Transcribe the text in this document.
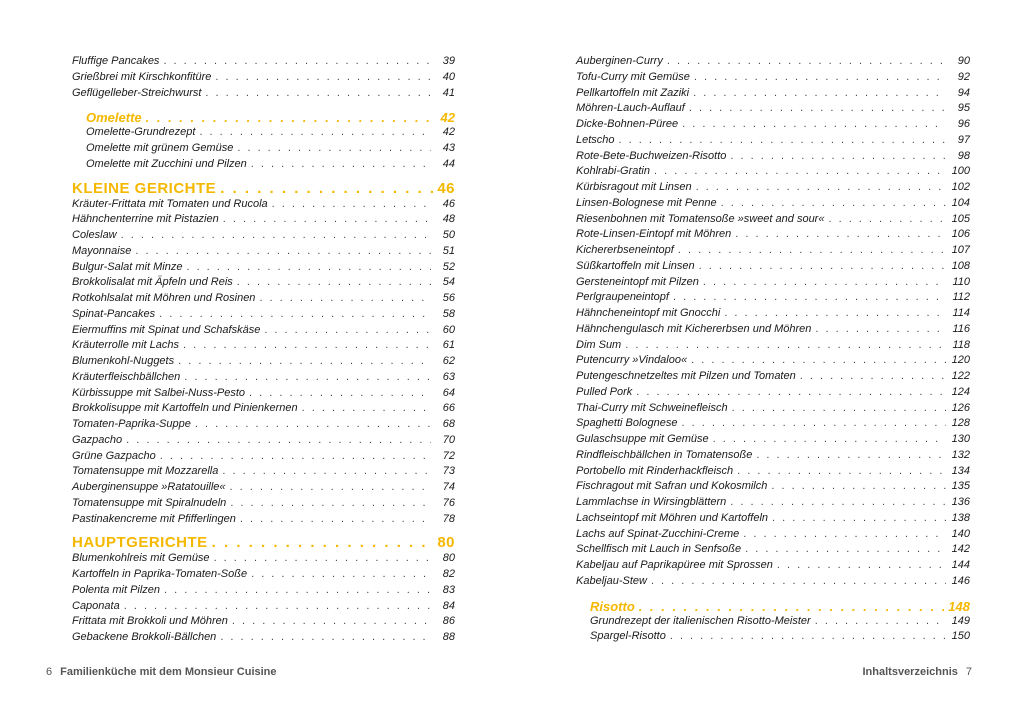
Fluffige Pancakes . . .	39
Grießbrei mit Kirschkonfitüre . . .	40
Geflügelleber-Streichwurst . . .	41
Omelette . . .	42
Omelette-Grundrezept . . .	42
Omelette mit grünem Gemüse . . .	43
Omelette mit Zucchini und Pilzen . . .	44
KLEINE GERICHTE . . .	46
Kräuter-Frittata mit Tomaten und Rucola . . .	46
Hähnchenterrine mit Pistazien . . .	48
Coleslaw . . .	50
Mayonnaise . . .	51
Bulgur-Salat mit Minze . . .	52
Brokkolisalat mit Äpfeln und Reis . . .	54
Rotkohlsalat mit Möhren und Rosinen . . .	56
Spinat-Pancakes . . .	58
Eiermuffins mit Spinat und Schafskäse . . .	60
Kräuterrolle mit Lachs . . .	61
Blumenkohl-Nuggets . . .	62
Kräuterfleischbällchen . . .	63
Kürbissuppe mit Salbei-Nuss-Pesto . . .	64
Brokkolisuppe mit Kartoffeln und Pinienkernen . . .	66
Tomaten-Paprika-Suppe . . .	68
Gazpacho . . .	70
Grüne Gazpacho . . .	72
Tomatensuppe mit Mozzarella . . .	73
Auberginensuppe »Ratatouille« . . .	74
Tomatensuppe mit Spiralnudeln . . .	76
Pastinakencreme mit Pfifferlingen . . .	78
HAUPTGERICHTE . . .	80
Blumenkohlreis mit Gemüse . . .	80
Kartoffeln in Paprika-Tomaten-Soße . . .	82
Polenta mit Pilzen . . .	83
Caponata . . .	84
Frittata mit Brokkoli und Möhren . . .	86
Gebackene Brokkoli-Bällchen . . .	88
6 Familienküche mit dem Monsieur Cuisine
Auberginen-Curry . . .	90
Tofu-Curry mit Gemüse . . .	92
Pellkartoffeln mit Zaziki . . .	94
Möhren-Lauch-Auflauf . . .	95
Dicke-Bohnen-Püree . . .	96
Letscho . . .	97
Rote-Bete-Buchweizen-Risotto . . .	98
Kohlrabi-Gratin . . .	100
Kürbisragout mit Linsen . . .	102
Linsen-Bolognese mit Penne . . .	104
Riesenbohnen mit Tomatensoße »sweet and sour« . . .	105
Rote-Linsen-Eintopf mit Möhren . . .	106
Kichererbseneintopf . . .	107
Süßkartoffeln mit Linsen . . .	108
Gersteneintopf mit Pilzen . . .	110
Perlgraupeneintopf . . .	112
Hähncheneintopf mit Gnocchi . . .	114
Hähnchengulasch mit Kichererbsen und Möhren . . .	116
Dim Sum . . .	118
Putencurry »Vindaloo« . . .	120
Putengeschnetzeltes mit Pilzen und Tomaten . . .	122
Pulled Pork . . .	124
Thai-Curry mit Schweinefleisch . . .	126
Spaghetti Bolognese . . .	128
Gulaschsuppe mit Gemüse . . .	130
Rindfleischbällchen in Tomatensoße . . .	132
Portobello mit Rinderhackfleisch . . .	134
Fischragout mit Safran und Kokosmilch . . .	135
Lammlachse in Wirsingblättern . . .	136
Lachseintopf mit Möhren und Kartoffeln . . .	138
Lachs auf Spinat-Zucchini-Creme . . .	140
Schellfisch mit Lauch in Senfsoße . . .	142
Kabeljau auf Paprikapüree mit Sprossen . . .	144
Kabeljau-Stew . . .	146
Risotto . . .	148
Grundrezept der italienischen Risotto-Meister . . .	149
Spargel-Risotto . . .	150
Inhaltsverzeichnis 7
